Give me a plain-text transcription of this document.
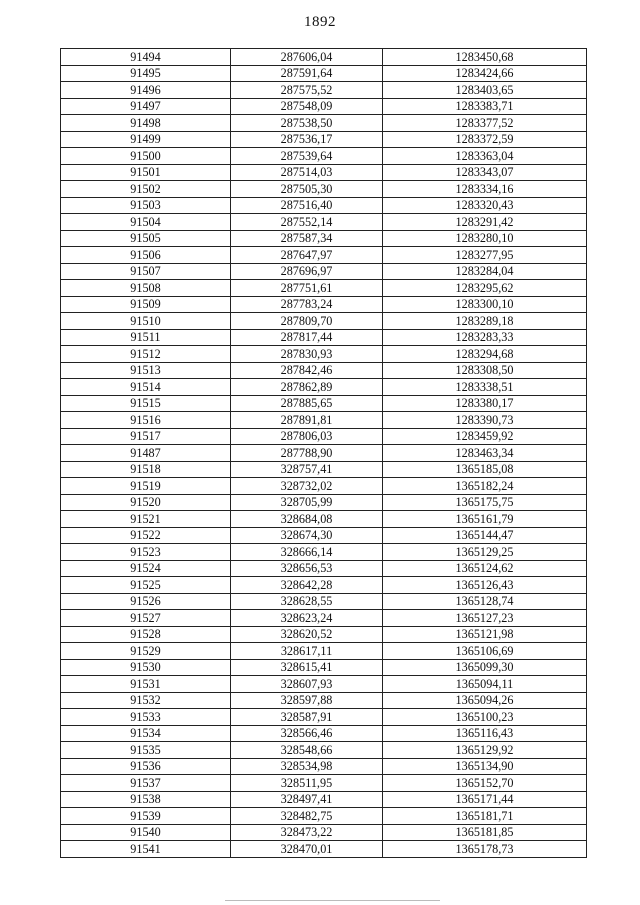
1892
91494	287606,04	1283450,68
91495	287591,64	1283424,66
91496	287575,52	1283403,65
91497	287548,09	1283383,71
91498	287538,50	1283377,52
91499	287536,17	1283372,59
91500	287539,64	1283363,04
91501	287514,03	1283343,07
91502	287505,30	1283334,16
91503	287516,40	1283320,43
91504	287552,14	1283291,42
91505	287587,34	1283280,10
91506	287647,97	1283277,95
91507	287696,97	1283284,04
91508	287751,61	1283295,62
91509	287783,24	1283300,10
91510	287809,70	1283289,18
91511	287817,44	1283283,33
91512	287830,93	1283294,68
91513	287842,46	1283308,50
91514	287862,89	1283338,51
91515	287885,65	1283380,17
91516	287891,81	1283390,73
91517	287806,03	1283459,92
91487	287788,90	1283463,34
91518	328757,41	1365185,08
91519	328732,02	1365182,24
91520	328705,99	1365175,75
91521	328684,08	1365161,79
91522	328674,30	1365144,47
91523	328666,14	1365129,25
91524	328656,53	1365124,62
91525	328642,28	1365126,43
91526	328628,55	1365128,74
91527	328623,24	1365127,23
91528	328620,52	1365121,98
91529	328617,11	1365106,69
91530	328615,41	1365099,30
91531	328607,93	1365094,11
91532	328597,88	1365094,26
91533	328587,91	1365100,23
91534	328566,46	1365116,43
91535	328548,66	1365129,92
91536	328534,98	1365134,90
91537	328511,95	1365152,70
91538	328497,41	1365171,44
91539	328482,75	1365181,71
91540	328473,22	1365181,85
91541	328470,01	1365178,73
